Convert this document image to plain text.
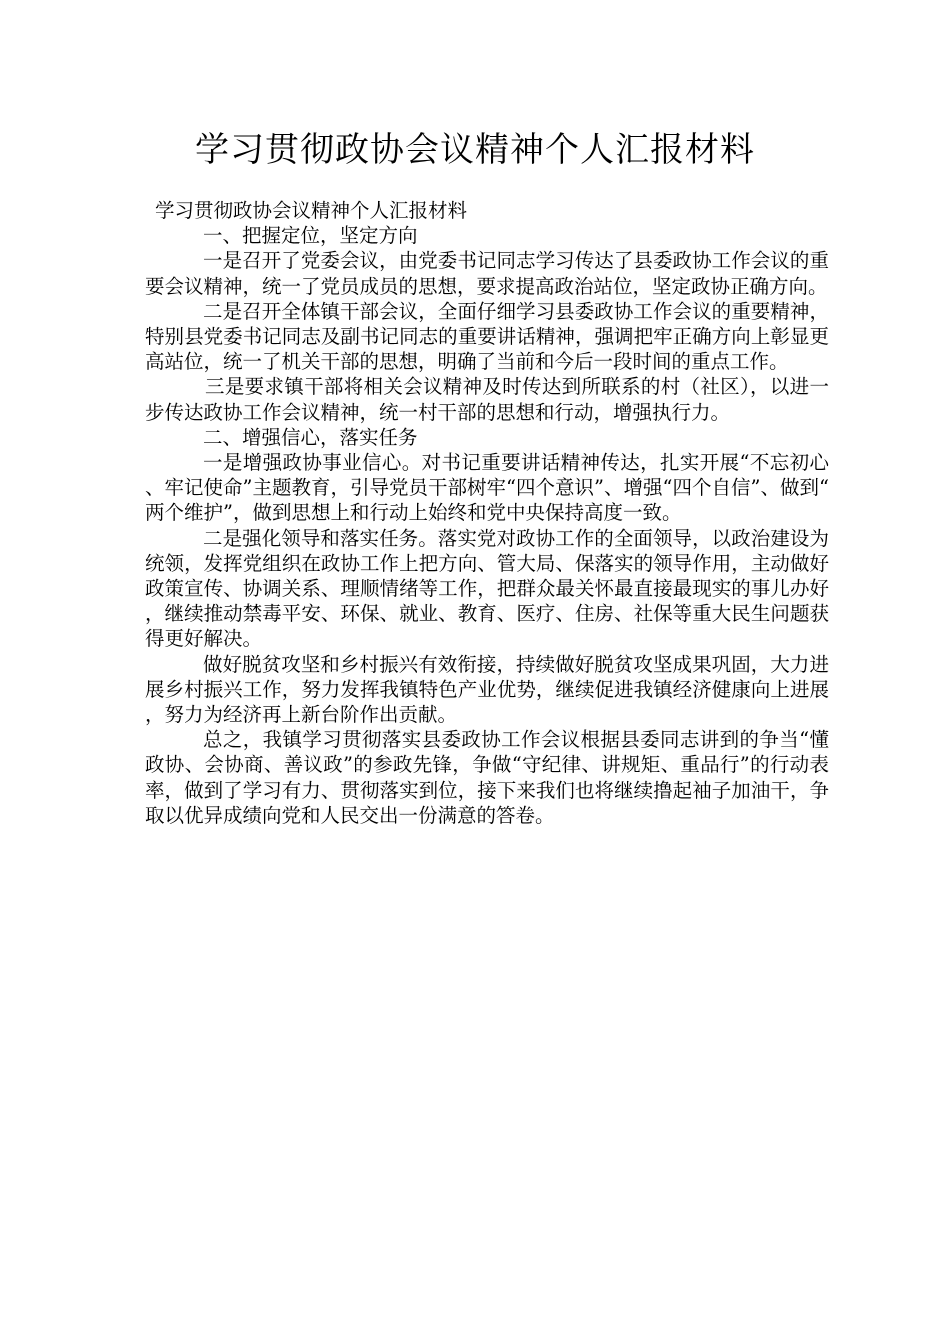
学习贯彻政协会议精神个人汇报材料

学习贯彻政协会议精神个人汇报材料

一、把握定位，坚定方向

一是召开了党委会议，由党委书记同志学习传达了县委政协工作会议的重要会议精神，统一了党员成员的思想，要求提高政治站位，坚定政协正确方向。

二是召开全体镇干部会议，全面仔细学习县委政协工作会议的重要精神，特别县党委书记同志及副书记同志的重要讲话精神，强调把牢正确方向上彰显更高站位，统一了机关干部的思想，明确了当前和今后一段时间的重点工作。

三是要求镇干部将相关会议精神及时传达到所联系的村（社区），以进一步传达政协工作会议精神，统一村干部的思想和行动，增强执行力。

二、增强信心，落实任务

一是增强政协事业信心。对书记重要讲话精神传达，扎实开展“不忘初心、牢记使命”主题教育，引导党员干部树牢“四个意识”、增强“四个自信”、做到“两个维护”，做到思想上和行动上始终和党中央保持高度一致。

二是强化领导和落实任务。落实党对政协工作的全面领导，以政治建设为统领，发挥党组织在政协工作上把方向、管大局、保落实的领导作用，主动做好政策宣传、协调关系、理顺情绪等工作，把群众最关怀最直接最现实的事儿办好，继续推动禁毒平安、环保、就业、教育、医疗、住房、社保等重大民生问题获得更好解决。

做好脱贫攻坚和乡村振兴有效衔接，持续做好脱贫攻坚成果巩固，大力进展乡村振兴工作，努力发挥我镇特色产业优势，继续促进我镇经济健康向上进展，努力为经济再上新台阶作出贡献。

总之，我镇学习贯彻落实县委政协工作会议根据县委同志讲到的争当“懂政协、会协商、善议政”的参政先锋，争做“守纪律、讲规矩、重品行”的行动表率，做到了学习有力、贯彻落实到位，接下来我们也将继续撸起袖子加油干，争取以优异成绩向党和人民交出一份满意的答卷。
